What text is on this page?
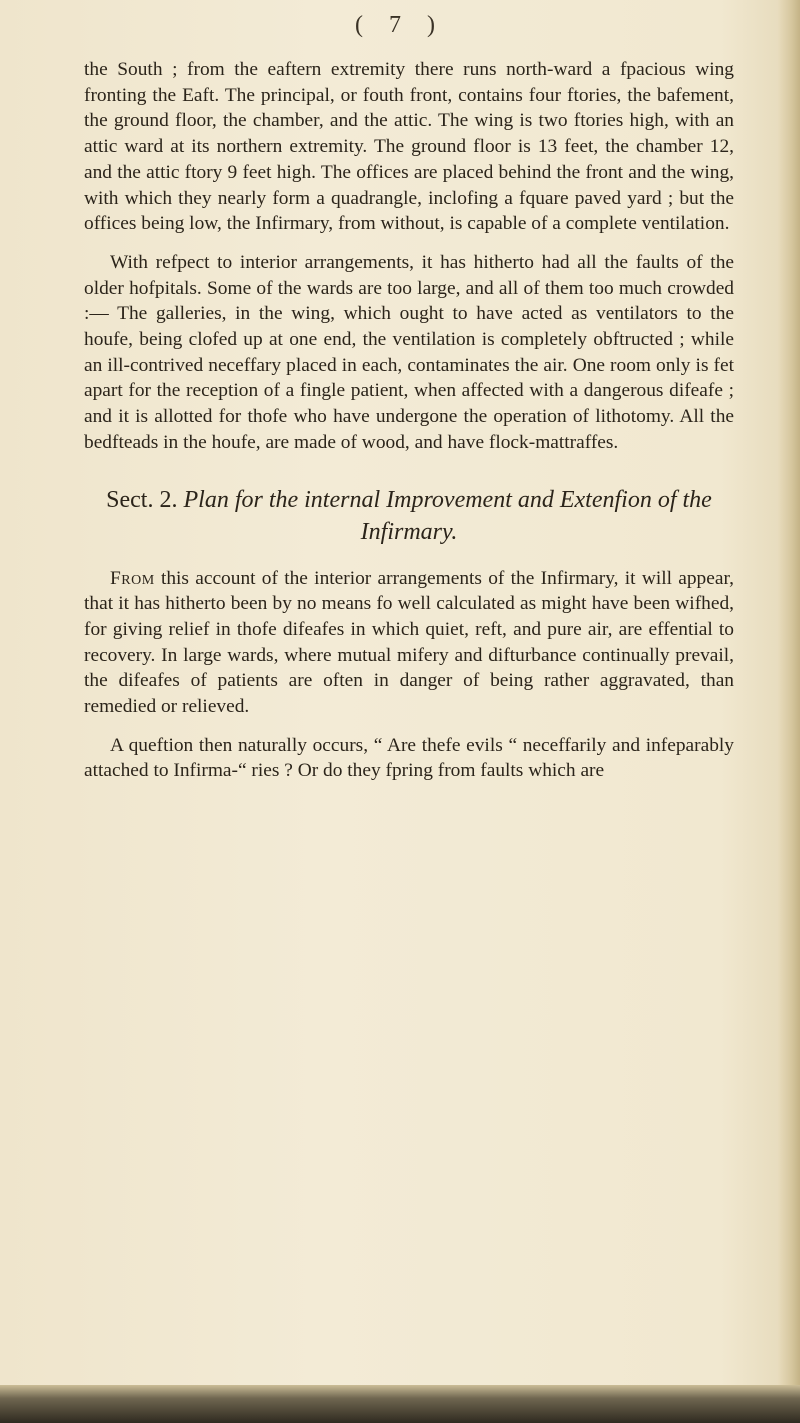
( 7 )

the South ; from the eaftern extremity there runs north-ward a fpacious wing fronting the Eaft. The principal, or fouth front, contains four ftories, the bafement, the ground floor, the chamber, and the attic. The wing is two ftories high, with an attic ward at its northern extremity. The ground floor is 13 feet, the chamber 12, and the attic ftory 9 feet high. The offices are placed behind the front and the wing, with which they nearly form a quadrangle, inclofing a fquare paved yard ; but the offices being low, the Infirmary, from without, is capable of a complete ventilation.

With refpect to interior arrangements, it has hitherto had all the faults of the older hofpitals. Some of the wards are too large, and all of them too much crowded :— The galleries, in the wing, which ought to have acted as ventilators to the houfe, being clofed up at one end, the ventilation is completely obftructed ; while an ill-contrived neceffary placed in each, contaminates the air. One room only is fet apart for the reception of a fingle patient, when affected with a dangerous difeafe ; and it is allotted for thofe who have undergone the operation of lithotomy. All the bedfteads in the houfe, are made of wood, and have flock-mattraffes.

Sect. 2. Plan for the internal Improvement and Extenfion of the Infirmary.

From this account of the interior arrangements of the Infirmary, it will appear, that it has hitherto been by no means fo well calculated as might have been wifhed, for giving relief in thofe difeafes in which quiet, reft, and pure air, are effential to recovery. In large wards, where mutual mifery and difturbance continually prevail, the difeafes of patients are often in danger of being rather aggravated, than remedied or relieved.

A queftion then naturally occurs, “ Are thefe evils “ neceffarily and infeparably attached to Infirma-“ ries ? Or do they fpring from faults which are
